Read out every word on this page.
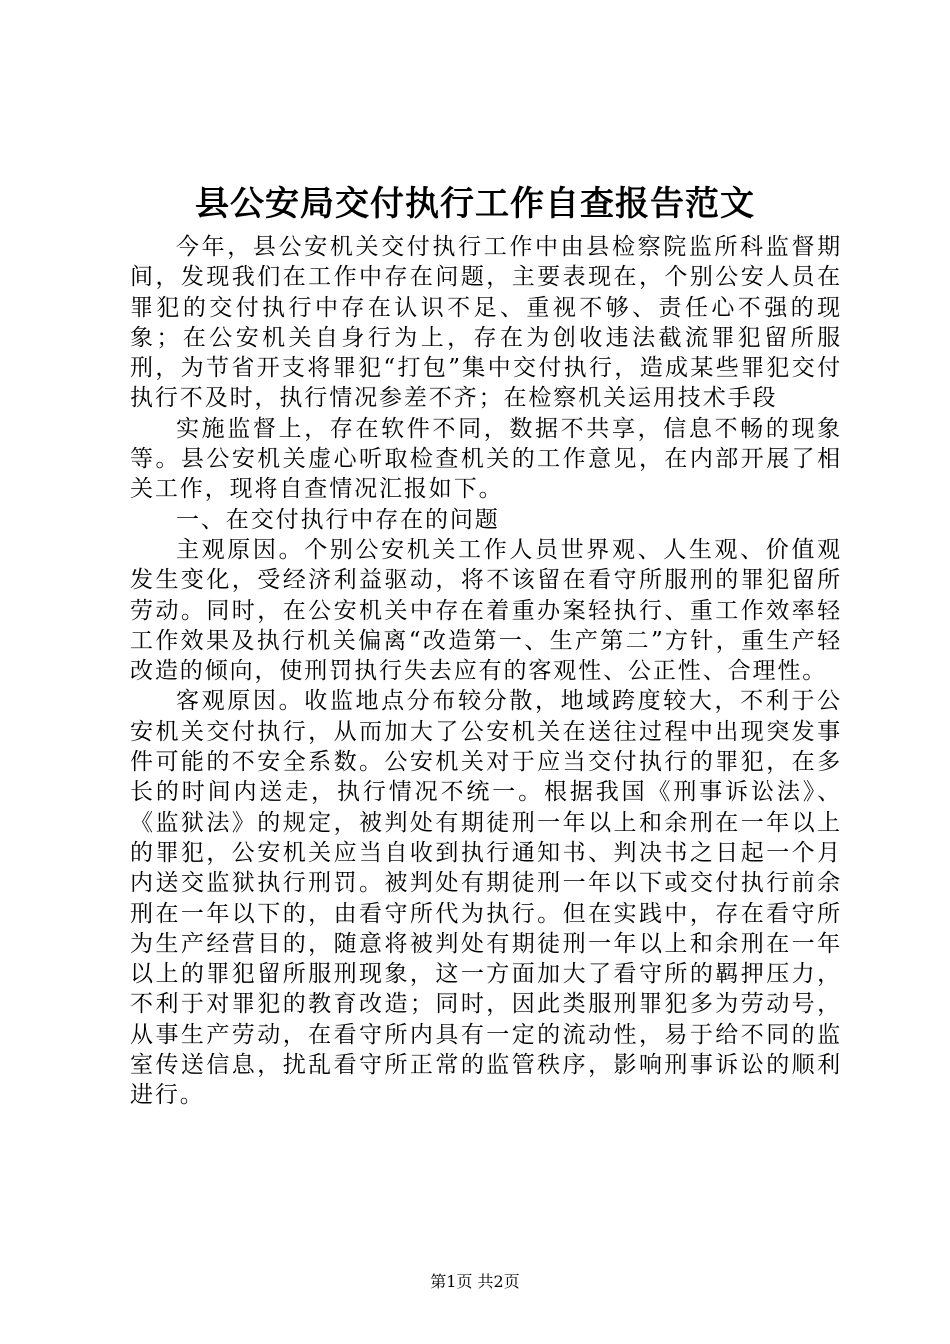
县公安局交付执行工作自查报告范文

今年，县公安机关交付执行工作中由县检察院监所科监督期间，发现我们在工作中存在问题，主要表现在，个别公安人员在罪犯的交付执行中存在认识不足、重视不够、责任心不强的现象；在公安机关自身行为上，存在为创收违法截流罪犯留所服刑，为节省开支将罪犯“打包”集中交付执行，造成某些罪犯交付执行不及时，执行情况参差不齐；在检察机关运用技术手段

实施监督上，存在软件不同，数据不共享，信息不畅的现象等。县公安机关虚心听取检查机关的工作意见，在内部开展了相关工作，现将自查情况汇报如下。

一、在交付执行中存在的问题

主观原因。个别公安机关工作人员世界观、人生观、价值观发生变化，受经济利益驱动，将不该留在看守所服刑的罪犯留所劳动。同时，在公安机关中存在着重办案轻执行、重工作效率轻工作效果及执行机关偏离“改造第一、生产第二”方针，重生产轻改造的倾向，使刑罚执行失去应有的客观性、公正性、合理性。

客观原因。收监地点分布较分散，地域跨度较大，不利于公安机关交付执行，从而加大了公安机关在送往过程中出现突发事件可能的不安全系数。公安机关对于应当交付执行的罪犯，在多长的时间内送走，执行情况不统一。根据我国《刑事诉讼法》、《监狱法》的规定，被判处有期徒刑一年以上和余刑在一年以上的罪犯，公安机关应当自收到执行通知书、判决书之日起一个月内送交监狱执行刑罚。被判处有期徒刑一年以下或交付执行前余刑在一年以下的，由看守所代为执行。但在实践中，存在看守所为生产经营目的，随意将被判处有期徒刑一年以上和余刑在一年以上的罪犯留所服刑现象，这一方面加大了看守所的羁押压力，不利于对罪犯的教育改造；同时，因此类服刑罪犯多为劳动号，从事生产劳动，在看守所内具有一定的流动性，易于给不同的监室传送信息，扰乱看守所正常的监管秩序，影响刑事诉讼的顺利进行。

第1页 共2页
